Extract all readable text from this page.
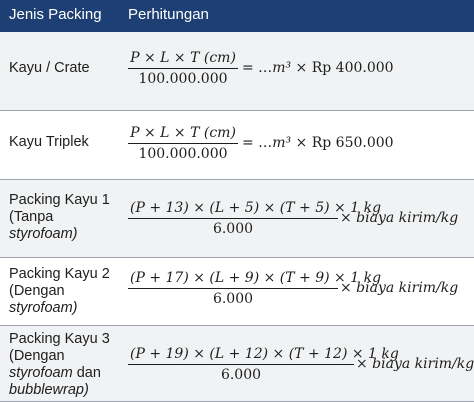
Jenis Packing Perhitungan
Kayu / Crate
P × L × T (cm)
100.000.000
= …m³ × Rp 400.000
Kayu Triplek
P × L × T (cm)
100.000.000
= …m³ × Rp 650.000
Packing Kayu 1
(Tanpa
styrofoam)
(P + 13) × (L + 5) × (T + 5) × 1 kg
6.000
× biaya kirim/kg
Packing Kayu 2
(Dengan
styrofoam)
(P + 17) × (L + 9) × (T + 9) × 1 kg
6.000
× biaya kirim/kg
Packing Kayu 3
(Dengan
styrofoam dan
bubblewrap)
(P + 19) × (L + 12) × (T + 12) × 1 kg
6.000
× biaya kirim/kg
